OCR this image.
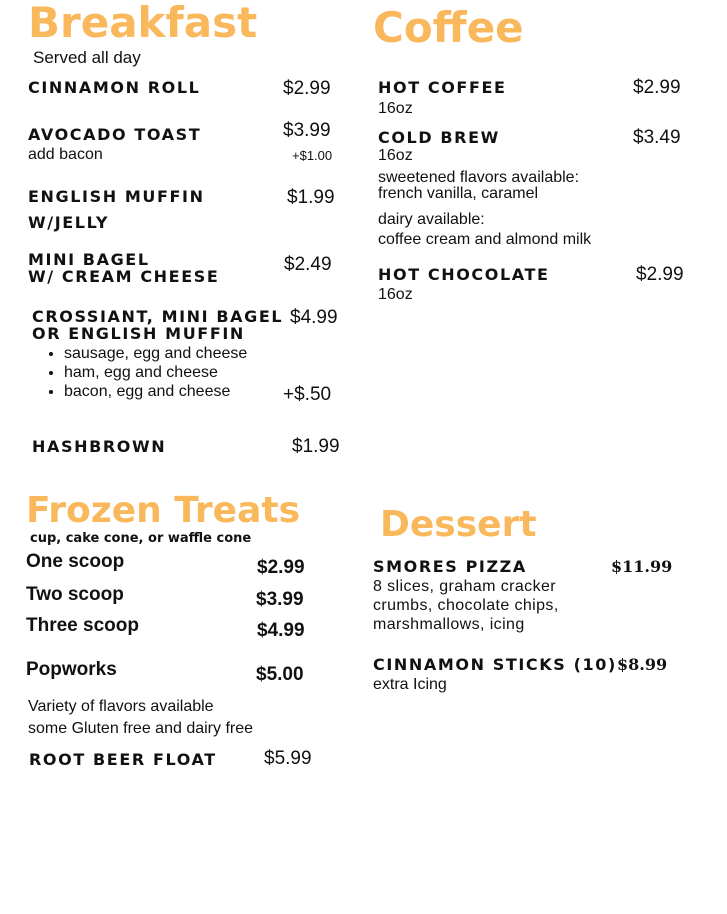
Breakfast
Served all day
CINNAMON ROLL	$2.99
AVOCADO TOAST	$3.99
add bacon	+$1.00
ENGLISH MUFFIN
W/JELLY
$1.99
MINI BAGEL
W/ CREAM CHEESE
$2.49
CROSSIANT, MINI BAGEL
OR ENGLISH MUFFIN
$4.99
• sausage, egg and cheese
• ham, egg and cheese
• bacon, egg and cheese	+$.50
HASHBROWN	$1.99
Coffee
HOT COFFEE	$2.99
16oz
COLD BREW	$3.49
16oz
sweetened flavors available:
french vanilla, caramel
dairy available:
coffee cream and almond milk
HOT CHOCOLATE	$2.99
16oz
Frozen Treats
cup, cake cone, or waffle cone
One scoop	$2.99
Two scoop	$3.99
Three scoop	$4.99
Popworks	$5.00
Variety of flavors available
some Gluten free and dairy free
ROOT BEER FLOAT $5.99
Dessert
SMORES PIZZA	$11.99
8 slices, graham cracker
crumbs, chocolate chips,
marshmallows, icing
CINNAMON STICKS (10) $8.99
extra Icing
